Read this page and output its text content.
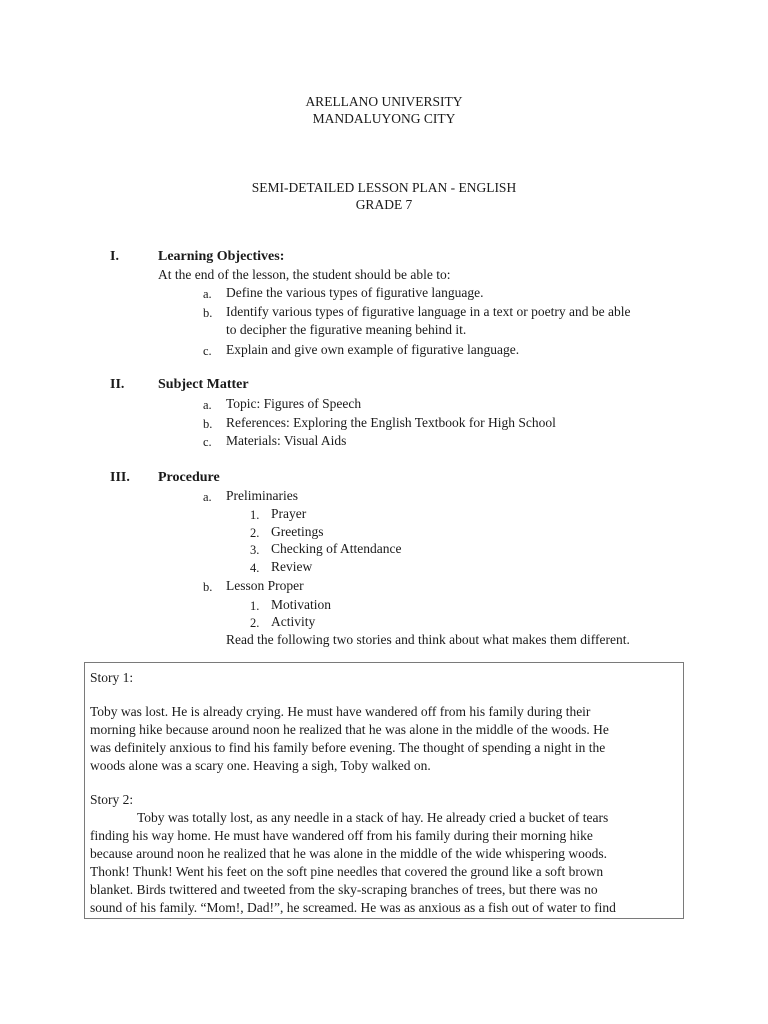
ARELLANO UNIVERSITY
MANDALUYONG CITY
SEMI-DETAILED LESSON PLAN - ENGLISH
GRADE 7
I.	Learning Objectives:
At the end of the lesson, the student should be able to:
a. Define the various types of figurative language.
b. Identify various types of figurative language in a text or poetry and be able
to decipher the figurative meaning behind it.
c. Explain and give own example of figurative language.
II. Subject Matter
a. Topic: Figures of Speech
b. References: Exploring the English Textbook for High School
c. Materials: Visual Aids
III. Procedure
a. Preliminaries
1. Prayer
2. Greetings
3. Checking of Attendance
4. Review
b. Lesson Proper
1. Motivation
2. Activity
Read the following two stories and think about what makes them different.
Story 1:
Toby was lost. He is already crying. He must have wandered off from his family during their
morning hike because around noon he realized that he was alone in the middle of the woods. He
was definitely anxious to find his family before evening. The thought of spending a night in the
woods alone was a scary one. Heaving a sigh, Toby walked on.
Story 2:
Toby was totally lost, as any needle in a stack of hay. He already cried a bucket of tears
finding his way home. He must have wandered off from his family during their morning hike
because around noon he realized that he was alone in the middle of the wide whispering woods.
Thonk! Thunk! Went his feet on the soft pine needles that covered the ground like a soft brown
blanket. Birds twittered and tweeted from the sky-scraping branches of trees, but there was no
sound of his family. “Mom!, Dad!”, he screamed. He was as anxious as a fish out of water to find
